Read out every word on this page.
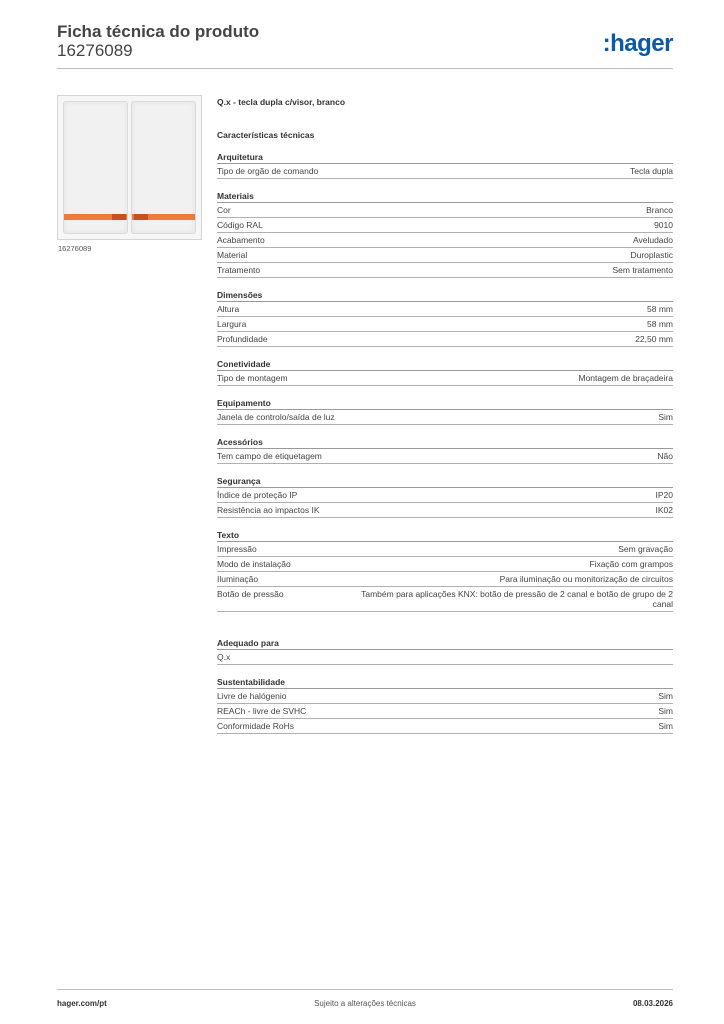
Ficha técnica do produto
16276089	:hager
16276089
Q.x - tecla dupla c/visor, branco
Características técnicas
Arquitetura
Tipo de orgão de comando	Tecla dupla
Materiais
Cor	Branco
Código RAL	9010
Acabamento	Aveludado
Material	Duroplastic
Tratamento	Sem tratamento
Dimensões
Altura	58 mm
Largura	58 mm
Profundidade	22,50 mm
Conetividade
Tipo de montagem	Montagem de braçadeira
Equipamento
Janela de controlo/saída de luz	Sim
Acessórios
Tem campo de etiquetagem	Não
Segurança
Índice de proteção IP	IP20
Resistência ao impactos IK	IK02
Texto
Impressão	Sem gravação
Modo de instalação	Fixação com grampos
Iluminação	Para iluminação ou monitorização de circuitos
Botão de pressão	Também para aplicações KNX: botão de pressão de 2 canal e botão de grupo de 2 canal
Adequado para
Q.x
Sustentabilidade
Livre de halógenio	Sim
REACh - livre de SVHC	Sim
Conformidade RoHs	Sim
hager.com/pt	Sujeito a alterações técnicas	08.03.2026
